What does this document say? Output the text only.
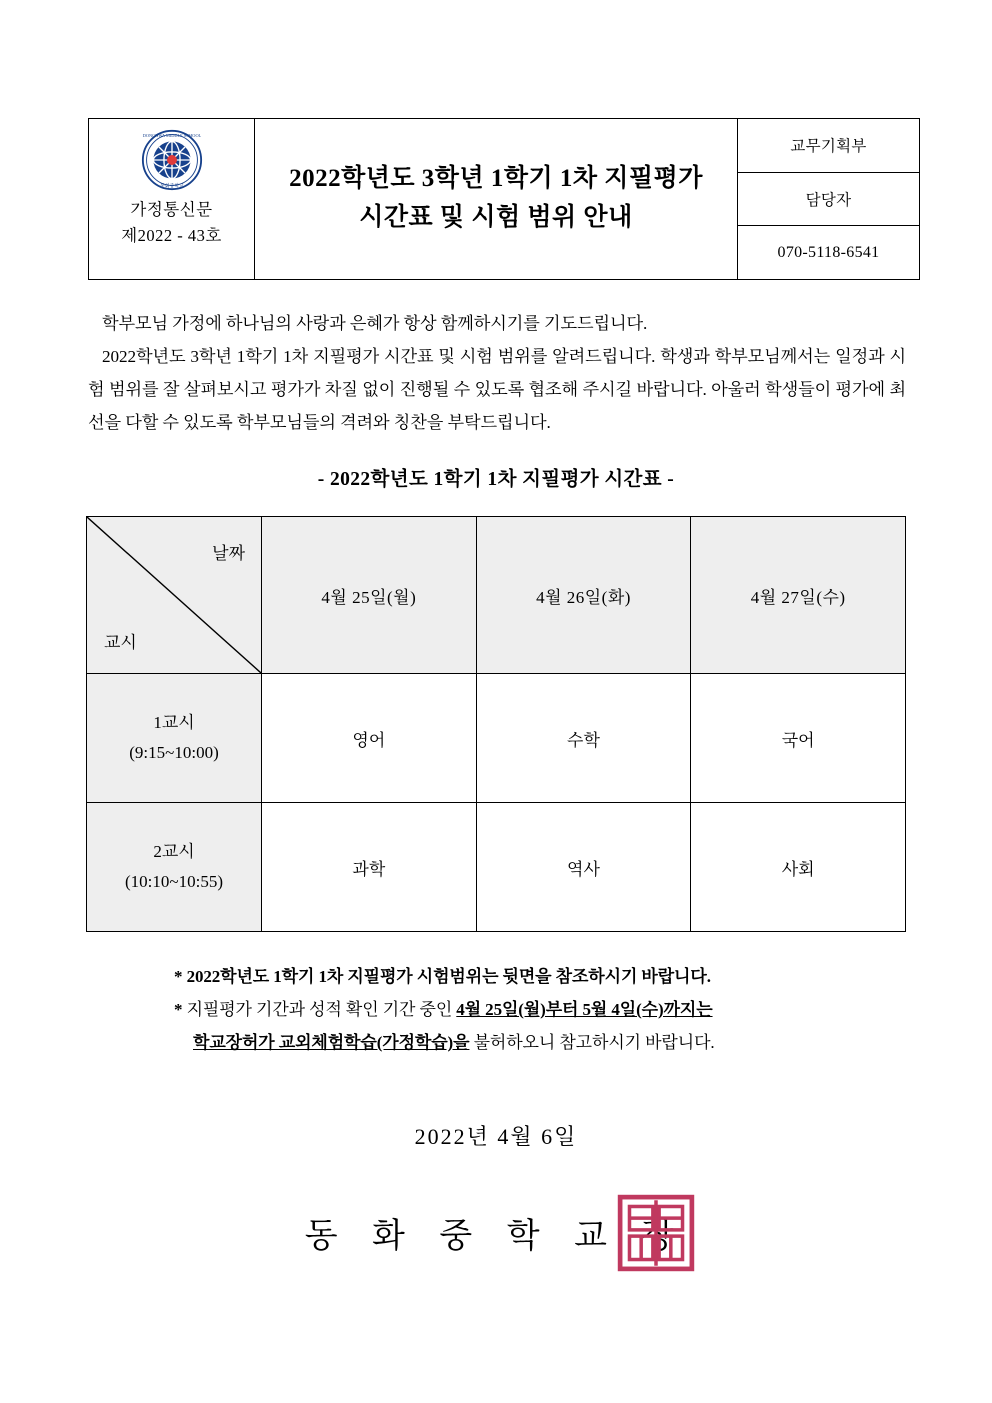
DONGHWA MIDDLE SCHOOL
동화중학교
가정통신문
제2022 - 43호

2022학년도 3학년 1학기 1차 지필평가
시간표 및 시험 범위 안내
	교무기획부
담당자
070-5118-6541

학부모님 가정에 하나님의 사랑과 은혜가 항상 함께하시기를 기도드립니다.

2022학년도 3학년 1학기 1차 지필평가 시간표 및 시험 범위를 알려드립니다. 학생과 학부모님께서는 일정과 시험 범위를 잘 살펴보시고 평가가 차질 없이 진행될 수 있도록 협조해 주시길 바랍니다. 아울러 학생들이 평가에 최선을 다할 수 있도록 학부모님들의 격려와 칭찬을 부탁드립니다.

- 2022학년도 1학기 1차 지필평가 시간표 -
날짜
교시	4월 25일(월)	4월 26일(화)	4월 27일(수)

1교시
(9:15~10:00)	영어	수학	국어

2교시
(10:10~10:55)	과학	역사	사회
* 2022학년도 1학기 1차 지필평가 시험범위는 뒷면을 참조하시기 바랍니다.
* 지필평가 기간과 성적 확인 기간 중인 4월 25일(월)부터 5월 4일(수)까지는
학교장허가 교외체험학습(가정학습)을 불허하오니 참고하시기 바랍니다.
2022년 4월 6일
동 화 중 학 교 장
